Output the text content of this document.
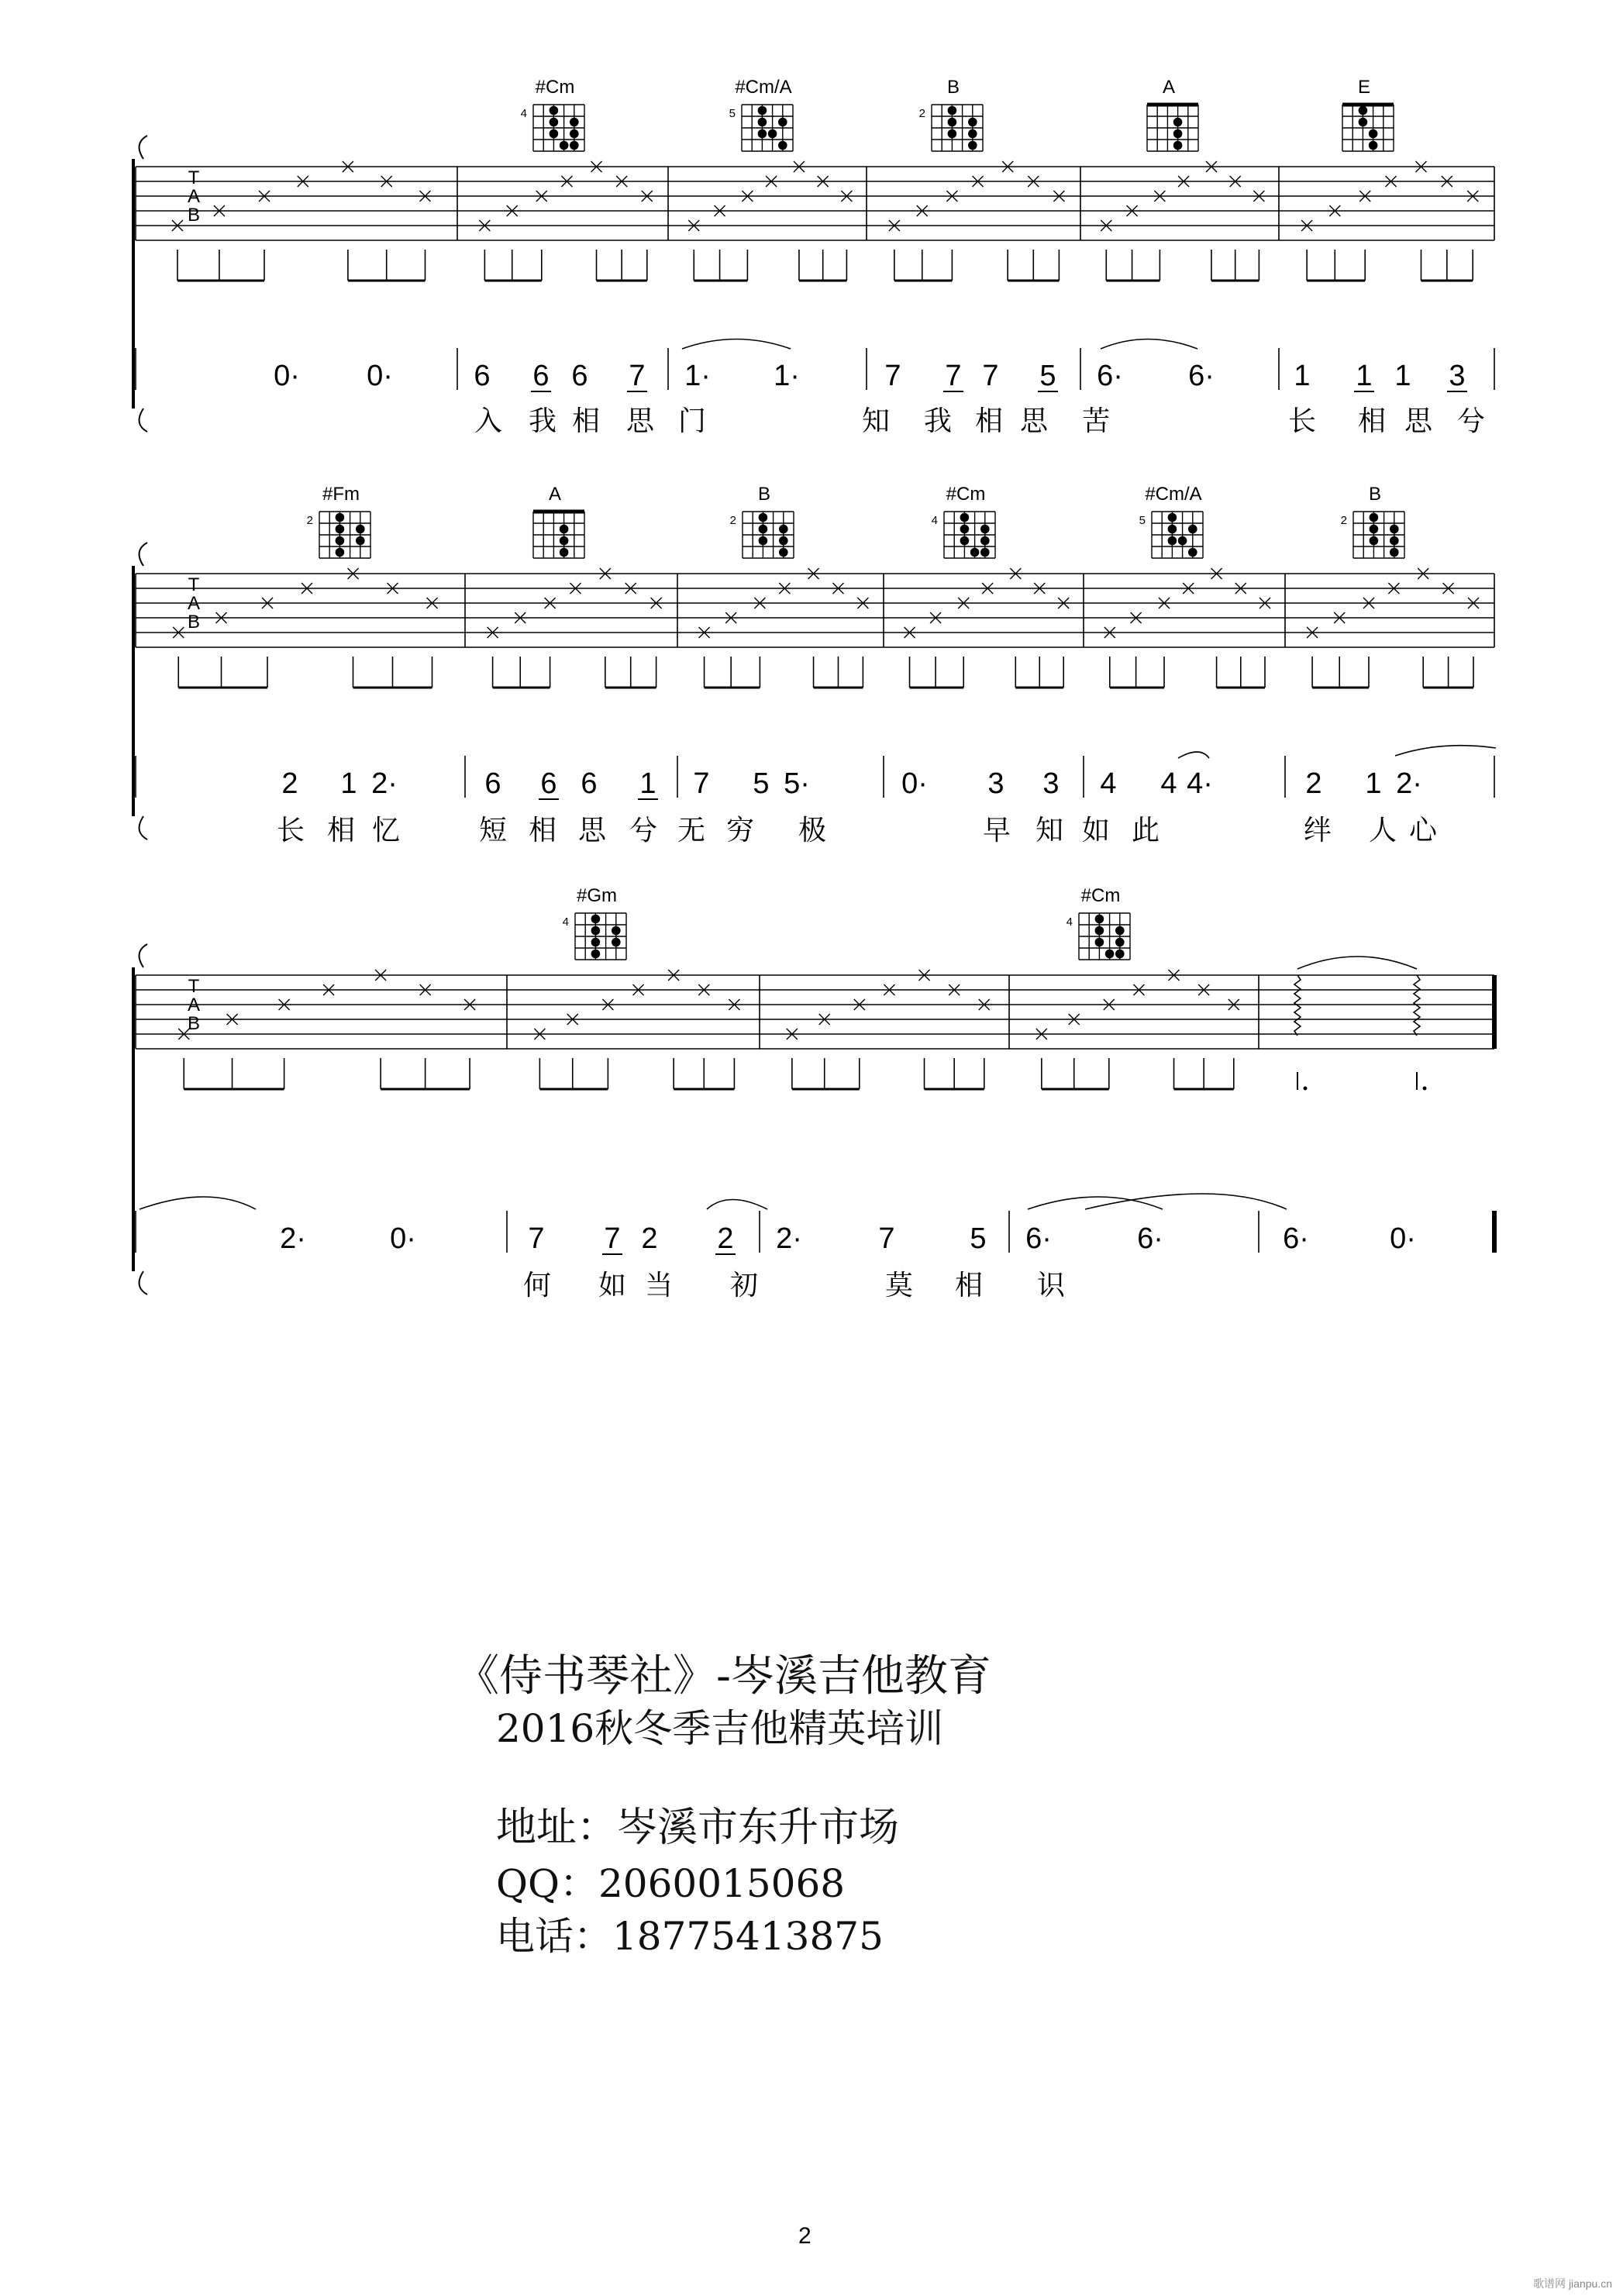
T
A
B
#Cm
4
#Cm/A
5
B
2
A	E
0· 0·	6 6 6 7 1· 1·	7 7 7 5 6· 6·	1 1 1 3
入 我 相 思 门	知 我 相 思 苦	长 相 思 兮
T
A
B
#Fm
2
A	B
2
#Cm
4
#Cm/A
5
B
2
2 1 2·	6 6 6 1 7 5 5·	0· 3 3 4 4 4·	2 1 2·
长 相 忆	短 相 思 兮 无 穷 极	早 知 如 此	绊 人 心
T
A
B
#Gm
4
#Cm
4
2·	0·	7 7 2 2 2·	7	5 6·	6·	6·	0·
何 如 当 初	莫 相 识
《侍书琴社》-岑溪吉他教育
2016秋冬季吉他精英培训
地址：岑溪市东升市场
QQ：2060015068
电话：18775413875
2
歌谱网 jianpu.cn
